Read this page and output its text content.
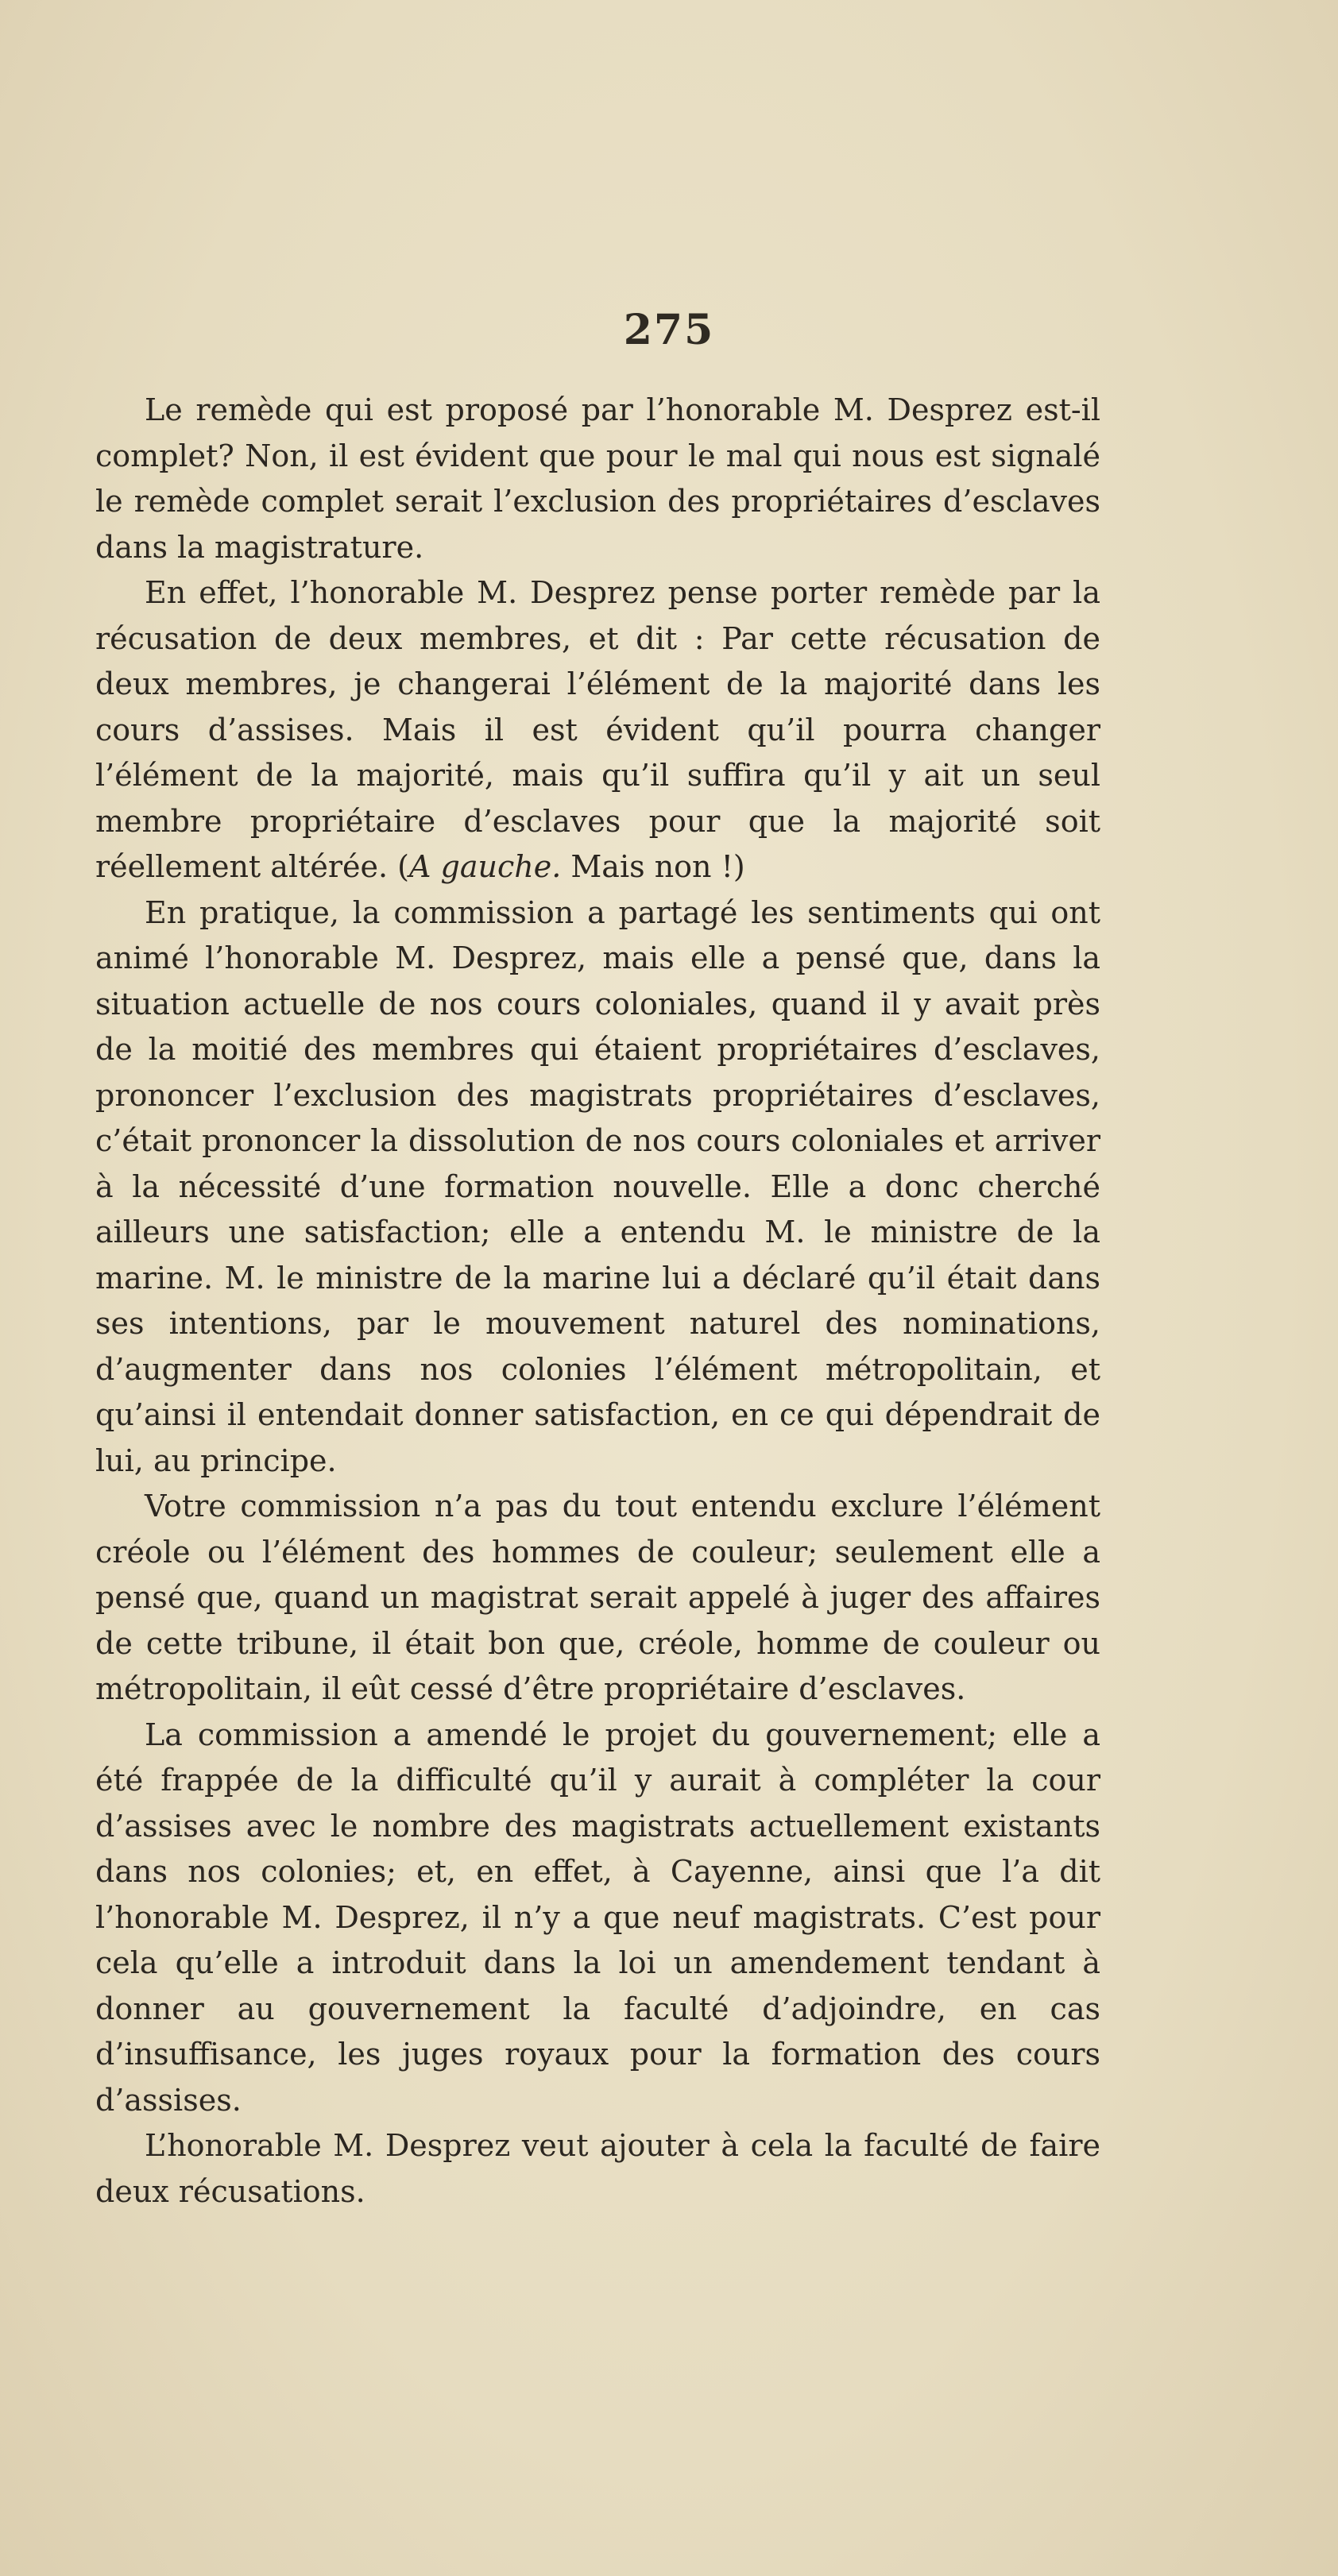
275

Le remède qui est proposé par l’honorable M. Desprez est-il complet? Non, il est évident que pour le mal qui nous est signalé le remède complet serait l’exclusion des propriétaires d’esclaves dans la magistrature.

En effet, l’honorable M. Desprez pense porter remède par la récusation de deux membres, et dit : Par cette récusation de deux membres, je changerai l’élément de la majorité dans les cours d’assises. Mais il est évident qu’il pourra changer l’élément de la majorité, mais qu’il suffira qu’il y ait un seul membre propriétaire d’esclaves pour que la majorité soit réellement altérée. (A gauche. Mais non !)

En pratique, la commission a partagé les sentiments qui ont animé l’honorable M. Desprez, mais elle a pensé que, dans la situation actuelle de nos cours coloniales, quand il y avait près de la moitié des membres qui étaient propriétaires d’esclaves, prononcer l’exclusion des magistrats propriétaires d’esclaves, c’était prononcer la dissolution de nos cours coloniales et arriver à la nécessité d’une formation nouvelle. Elle a donc cherché ailleurs une satisfaction; elle a entendu M. le ministre de la marine. M. le ministre de la marine lui a déclaré qu’il était dans ses intentions, par le mouvement naturel des nominations, d’augmenter dans nos colonies l’élément métropolitain, et qu’ainsi il entendait donner satisfaction, en ce qui dépendrait de lui, au principe.

Votre commission n’a pas du tout entendu exclure l’élément créole ou l’élément des hommes de couleur; seulement elle a pensé que, quand un magistrat serait appelé à juger des affaires de cette tribune, il était bon que, créole, homme de couleur ou métropolitain, il eût cessé d’être propriétaire d’esclaves.

La commission a amendé le projet du gouvernement; elle a été frappée de la difficulté qu’il y aurait à compléter la cour d’assises avec le nombre des magistrats actuellement existants dans nos colonies; et, en effet, à Cayenne, ainsi que l’a dit l’honorable M. Desprez, il n’y a que neuf magistrats. C’est pour cela qu’elle a introduit dans la loi un amendement tendant à donner au gouvernement la faculté d’adjoindre, en cas d’insuffisance, les juges royaux pour la formation des cours d’assises.

L’honorable M. Desprez veut ajouter à cela la faculté de faire deux récusations.
